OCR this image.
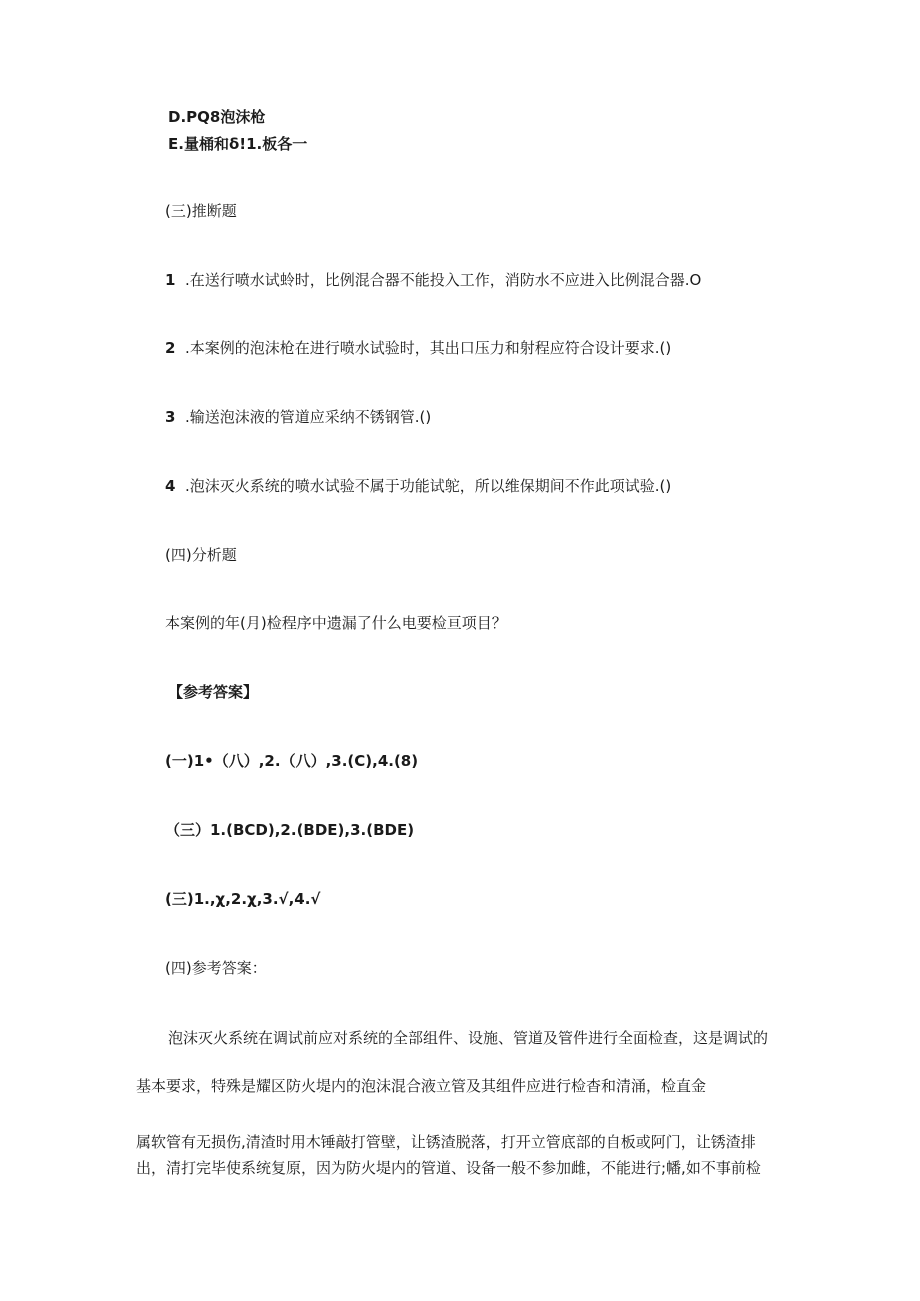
D.PQ8泡沫枪
E.量桶和δ!1.板各一
(三)推断题
1 .在送行喷水试蛉时，比例混合器不能投入工作，消防水不应进入比例混合器.O
2 .本案例的泡沫枪在进行喷水试验时，其出口压力和射程应符合设计要求.()
3 .输送泡沫液的管道应采纳不锈钢管.()
4 .泡沫灭火系统的喷水试验不属于功能试鸵，所以维保期间不作此项试验.()
(四)分析题
本案例的年(月)检程序中遗漏了什么电要检亘项目？
【参考答案】
(一)1•（八）,2.（八）,3.(C),4.(8)
（三）1.(BCD),2.(BDE),3.(BDE)
(三)1.,χ,2.χ,3.√,4.√
(四)参考答案：
泡沫灭火系统在调试前应对系统的全部组件、设施、管道及管件进行全面检查，这是调试的
基本要求，特殊是耀区防火堤内的泡沫混合液立管及其组件应进行检杳和清涌，检直金
属软管有无损伤,清渣时用木锤敲打管壁，让锈渣脱落，打开立管底部的自板或阿门，让锈渣排
出，清打完毕使系统复原，因为防火堤内的管道、设备一般不参加雌，不能进行;幡,如不事前检
